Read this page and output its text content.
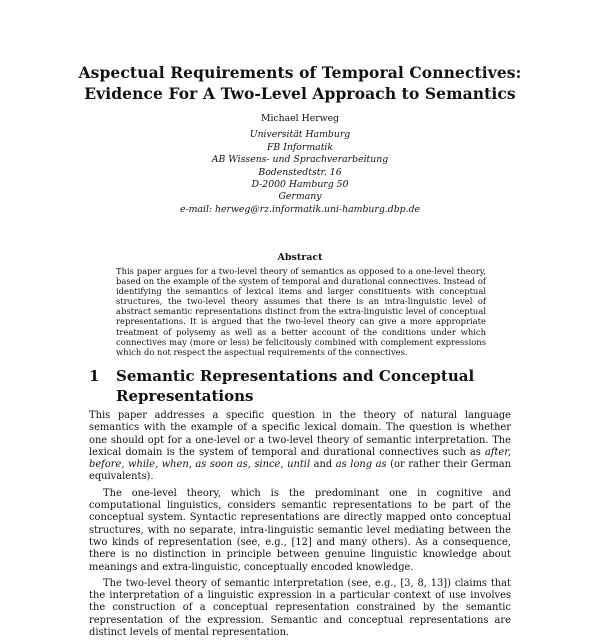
Aspectual Requirements of Temporal Connectives:
Evidence For A Two-Level Approach to Semantics
Michael Herweg
Universität Hamburg
FB Informatik
AB Wissens- und Sprachverarbeitung
Bodenstedtstr. 16
D-2000 Hamburg 50
Germany
e-mail: herweg@rz.informatik.uni-hamburg.dbp.de
Abstract
This paper argues for a two-level theory of semantics as opposed to a one-level theory, based on the example of the system of temporal and durational connectives. Instead of identifying the semantics of lexical items and larger constituents with conceptual structures, the two-level theory assumes that there is an intra-linguistic level of abstract semantic representations distinct from the extra-linguistic level of conceptual representations. It is argued that the two-level theory can give a more appropriate treatment of polysemy as well as a better account of the conditions under which connectives may (more or less) be felicitously combined with complement expressions which do not respect the aspectual requirements of the connectives.
1	Semantic Representations and Conceptual Representations

This paper addresses a specific question in the theory of natural language semantics with the example of a specific lexical domain. The question is whether one should opt for a one-level or a two-level theory of semantic interpretation. The lexical domain is the system of temporal and durational connectives such as after, before, while, when, as soon as, since, until and as long as (or rather their German equivalents).

The one-level theory, which is the predominant one in cognitive and computational linguistics, considers semantic representations to be part of the conceptual system. Syntactic representations are directly mapped onto conceptual structures, with no separate, intra-linguistic semantic level mediating between the two kinds of representation (see, e.g., [12] and many others). As a consequence, there is no distinction in principle between genuine linguistic knowledge about meanings and extra-linguistic, conceptually encoded knowledge.

The two-level theory of semantic interpretation (see, e.g., [3, 8, 13]) claims that the interpretation of a linguistic expression in a particular context of use involves the construction of a conceptual representation constrained by the semantic representation of the expression. Semantic and conceptual representations are distinct levels of mental representation.
